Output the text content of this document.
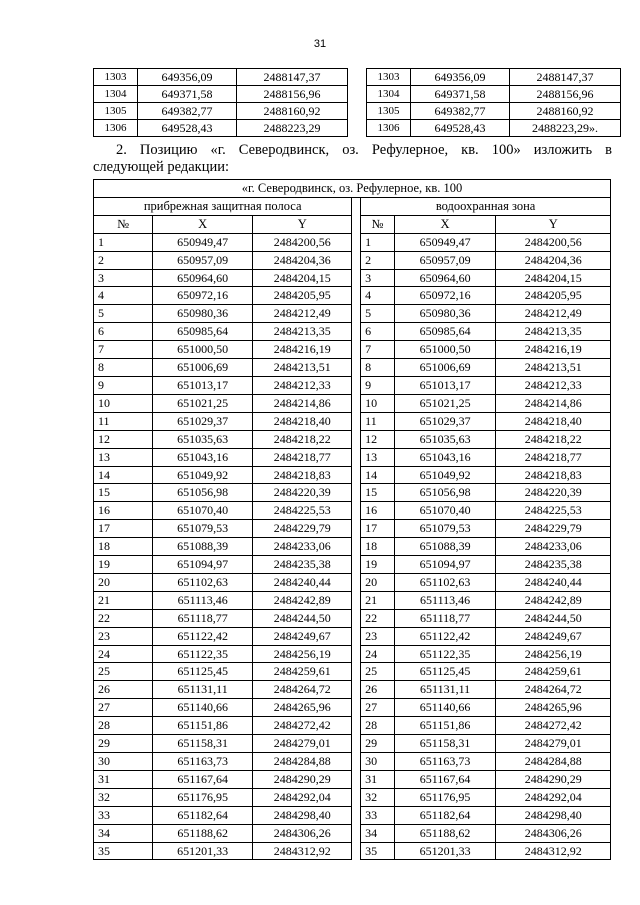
31
1303	649356,09	2488147,37
1304	649371,58	2488156,96
1305	649382,77	2488160,92
1306	649528,43	2488223,29
1303	649356,09	2488147,37
1304	649371,58	2488156,96
1305	649382,77	2488160,92
1306	649528,43	2488223,29».
2. Позицию «г. Северодвинск, оз. Рефулерное, кв. 100» изложить в
следующей редакции:
«г. Северодвинск, оз. Рефулерное, кв. 100						
прибрежная защитная полоса				водоохранная зона		
№	X	Y		№	X	Y
1	650949,47	2484200,56		1	650949,47	2484200,56
2	650957,09	2484204,36		2	650957,09	2484204,36
3	650964,60	2484204,15		3	650964,60	2484204,15
4	650972,16	2484205,95		4	650972,16	2484205,95
5	650980,36	2484212,49		5	650980,36	2484212,49
6	650985,64	2484213,35		6	650985,64	2484213,35
7	651000,50	2484216,19		7	651000,50	2484216,19
8	651006,69	2484213,51		8	651006,69	2484213,51
9	651013,17	2484212,33		9	651013,17	2484212,33
10	651021,25	2484214,86		10	651021,25	2484214,86
11	651029,37	2484218,40		11	651029,37	2484218,40
12	651035,63	2484218,22		12	651035,63	2484218,22
13	651043,16	2484218,77		13	651043,16	2484218,77
14	651049,92	2484218,83		14	651049,92	2484218,83
15	651056,98	2484220,39		15	651056,98	2484220,39
16	651070,40	2484225,53		16	651070,40	2484225,53
17	651079,53	2484229,79		17	651079,53	2484229,79
18	651088,39	2484233,06		18	651088,39	2484233,06
19	651094,97	2484235,38		19	651094,97	2484235,38
20	651102,63	2484240,44		20	651102,63	2484240,44
21	651113,46	2484242,89		21	651113,46	2484242,89
22	651118,77	2484244,50		22	651118,77	2484244,50
23	651122,42	2484249,67		23	651122,42	2484249,67
24	651122,35	2484256,19		24	651122,35	2484256,19
25	651125,45	2484259,61		25	651125,45	2484259,61
26	651131,11	2484264,72		26	651131,11	2484264,72
27	651140,66	2484265,96		27	651140,66	2484265,96
28	651151,86	2484272,42		28	651151,86	2484272,42
29	651158,31	2484279,01		29	651158,31	2484279,01
30	651163,73	2484284,88		30	651163,73	2484284,88
31	651167,64	2484290,29		31	651167,64	2484290,29
32	651176,95	2484292,04		32	651176,95	2484292,04
33	651182,64	2484298,40		33	651182,64	2484298,40
34	651188,62	2484306,26		34	651188,62	2484306,26
35	651201,33	2484312,92		35	651201,33	2484312,92
